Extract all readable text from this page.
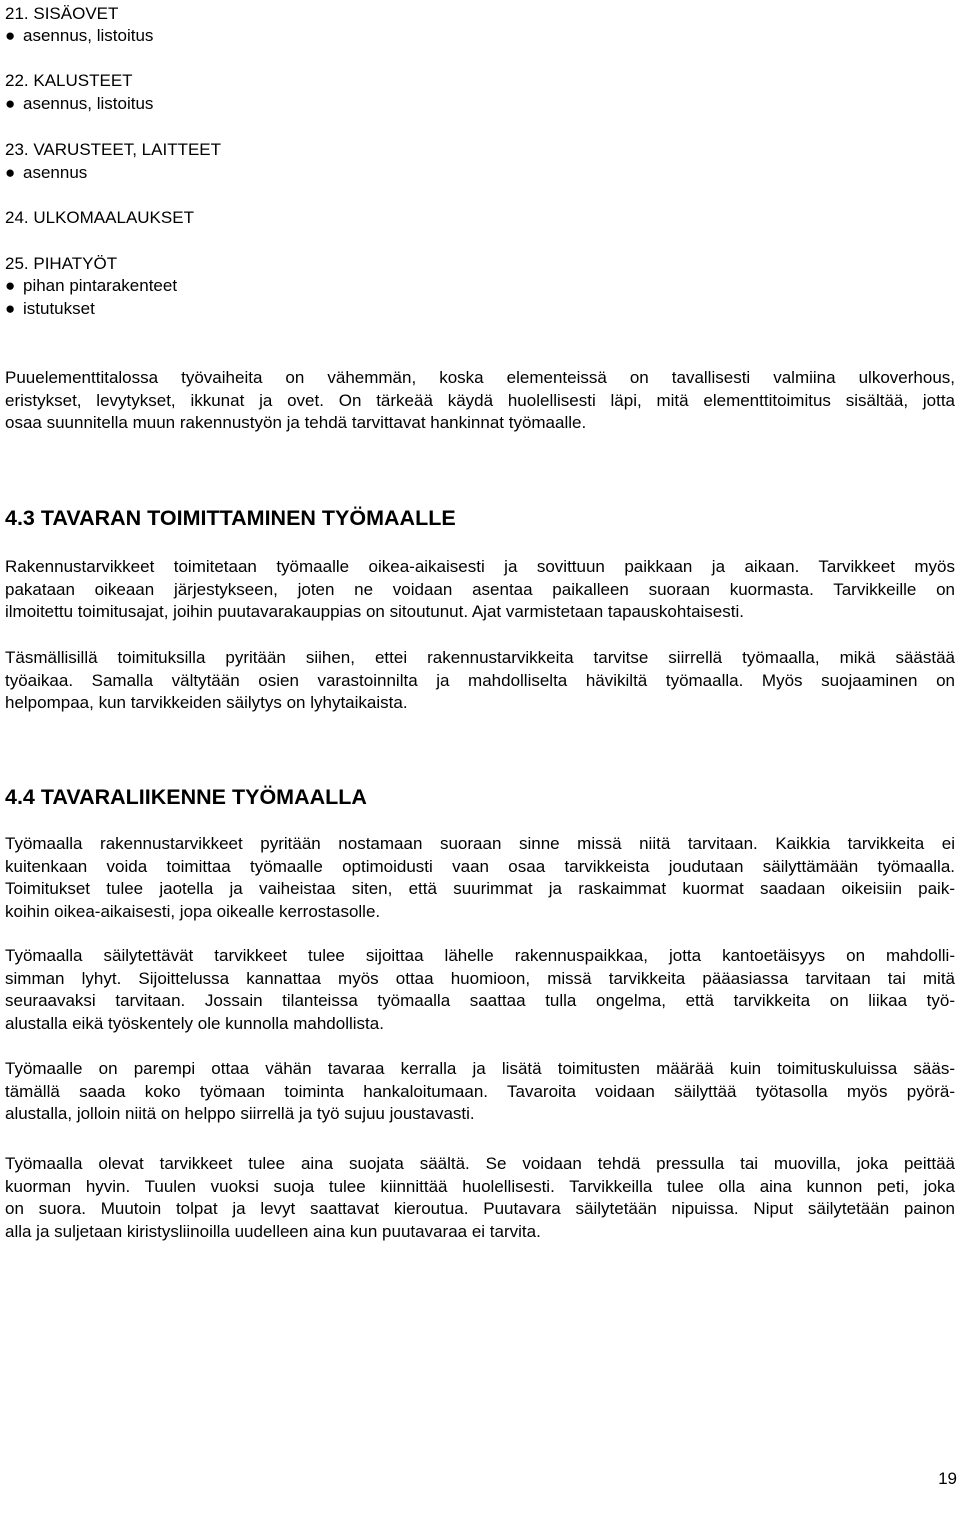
21. SISÄOVET
● asennus, listoitus
22. KALUSTEET
● asennus, listoitus
23. VARUSTEET, LAITTEET
● asennus
24. ULKOMAALAUKSET
25. PIHATYÖT
● pihan pintarakenteet
● istutukset
Puuelementtitalossa työvaiheita on vähemmän, koska elementeissä on tavallisesti valmiina ulkoverhous,
eristykset, levytykset, ikkunat ja ovet. On tärkeää käydä huolellisesti läpi, mitä elementtitoimitus sisältää, jotta
osaa suunnitella muun rakennustyön ja tehdä tarvittavat hankinnat työmaalle.
4.3 TAVARAN TOIMITTAMINEN TYÖMAALLE
Rakennustarvikkeet toimitetaan työmaalle oikea-aikaisesti ja sovittuun paikkaan ja aikaan. Tarvikkeet myös
pakataan oikeaan järjestykseen, joten ne voidaan asentaa paikalleen suoraan kuormasta. Tarvikkeille on
ilmoitettu toimitusajat, joihin puutavarakauppias on sitoutunut. Ajat varmistetaan tapauskohtaisesti.
Täsmällisillä toimituksilla pyritään siihen, ettei rakennustarvikkeita tarvitse siirrellä työmaalla, mikä säästää
työaikaa. Samalla vältytään osien varastoinnilta ja mahdolliselta hävikiltä työmaalla. Myös suojaaminen on
helpompaa, kun tarvikkeiden säilytys on lyhytaikaista.
4.4 TAVARALIIKENNE TYÖMAALLA
Työmaalla rakennustarvikkeet pyritään nostamaan suoraan sinne missä niitä tarvitaan. Kaikkia tarvikkeita ei
kuitenkaan voida toimittaa työmaalle optimoidusti vaan osaa tarvikkeista joudutaan säilyttämään työmaalla.
Toimitukset tulee jaotella ja vaiheistaa siten, että suurimmat ja raskaimmat kuormat saadaan oikeisiin paik-
koihin oikea-aikaisesti, jopa oikealle kerrostasolle.
Työmaalla säilytettävät tarvikkeet tulee sijoittaa lähelle rakennuspaikkaa, jotta kantoetäisyys on mahdolli-
simman lyhyt. Sijoittelussa kannattaa myös ottaa huomioon, missä tarvikkeita pääasiassa tarvitaan tai mitä
seuraavaksi tarvitaan. Jossain tilanteissa työmaalla saattaa tulla ongelma, että tarvikkeita on liikaa työ-
alustalla eikä työskentely ole kunnolla mahdollista.
Työmaalle on parempi ottaa vähän tavaraa kerralla ja lisätä toimitusten määrää kuin toimituskuluissa sääs-
tämällä saada koko työmaan toiminta hankaloitumaan. Tavaroita voidaan säilyttää työtasolla myös pyörä-
alustalla, jolloin niitä on helppo siirrellä ja työ sujuu joustavasti.
Työmaalla olevat tarvikkeet tulee aina suojata säältä. Se voidaan tehdä pressulla tai muovilla, joka peittää
kuorman hyvin. Tuulen vuoksi suoja tulee kiinnittää huolellisesti. Tarvikkeilla tulee olla aina kunnon peti, joka
on suora. Muutoin tolpat ja levyt saattavat kieroutua. Puutavara säilytetään nipuissa. Niput säilytetään painon
alla ja suljetaan kiristysliinoilla uudelleen aina kun puutavaraa ei tarvita.
19
